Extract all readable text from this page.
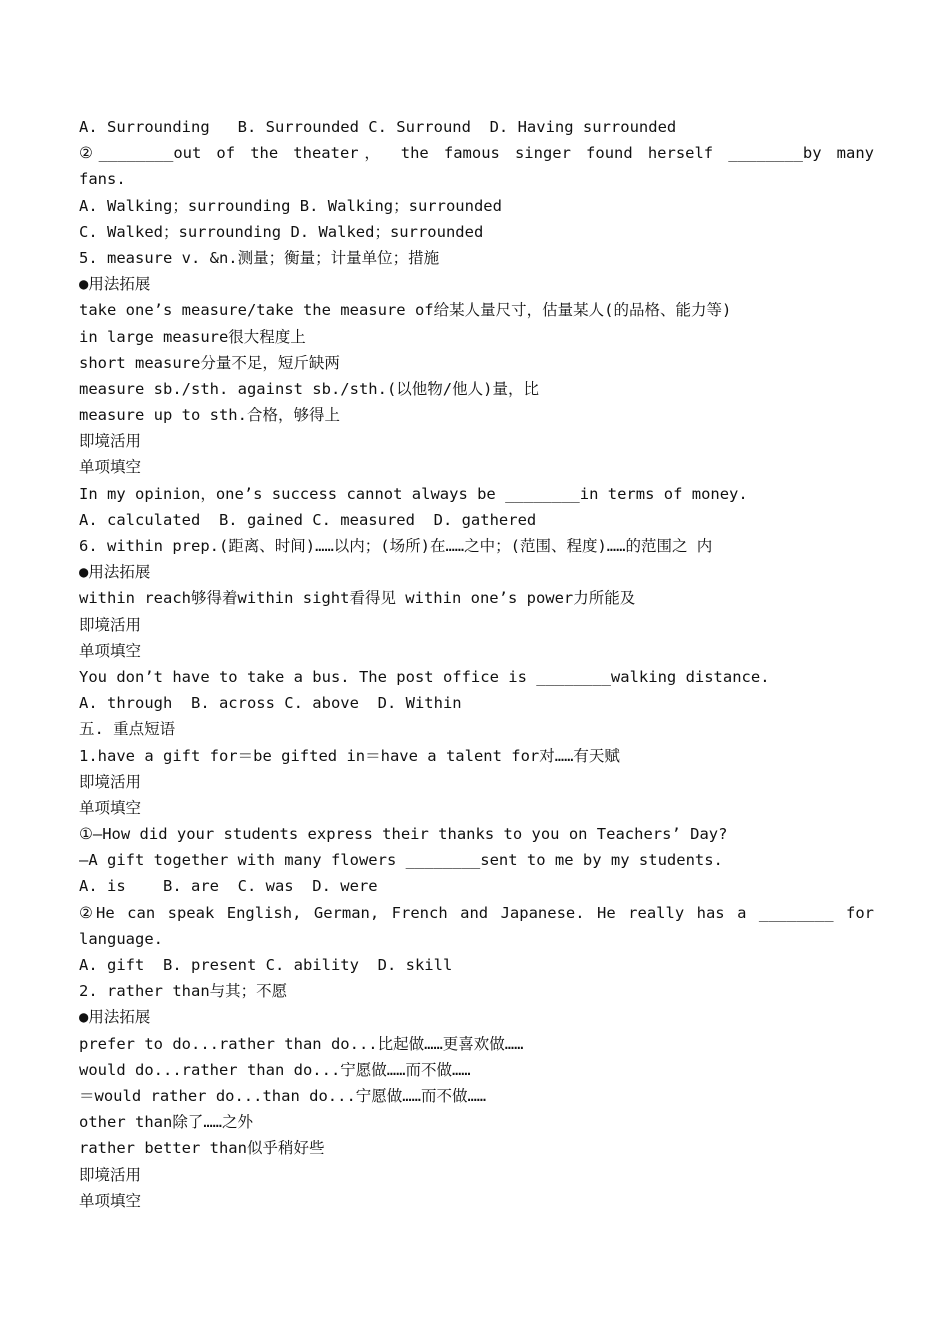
A. Surrounding   B. Surrounded C. Surround  D. Having surrounded
②________out of the theater， the famous singer found herself ________by many
fans.
A. Walking；surrounding B. Walking；surrounded
C. Walked；surrounding D. Walked；surrounded
5. measure v. &n.测量；衡量；计量单位；措施
●用法拓展
take one’s measure/take the measure of给某人量尺寸，估量某人(的品格、能力等)
in large measure很大程度上
short measure分量不足，短斤缺两
measure sb./sth. against sb./sth.(以他物/他人)量，比
measure up to sth.合格，够得上
即境活用
单项填空
In my opinion，one’s success cannot always be ________in terms of money.
A. calculated  B. gained C. measured  D. gathered
6. within prep.(距离、时间)……以内；(场所)在……之中；(范围、程度)……的范围之 内
●用法拓展
within reach够得着within sight看得见 within one’s power力所能及
即境活用
单项填空
You don’t have to take a bus. The post office is ________walking distance.
A. through  B. across C. above  D. Within
五. 重点短语
1.have a gift for＝be gifted in＝have a talent for对……有天赋
即境活用
单项填空
①—How did your students express their thanks to you on Teachers’ Day?
—A gift together with many flowers ________sent to me by my students.
A. is    B. are  C. was  D. were
②He can speak English, German, French and Japanese. He really has a ________ for
language.
A. gift  B. present C. ability  D. skill
2. rather than与其；不愿
●用法拓展
prefer to do...rather than do...比起做……更喜欢做……
would do...rather than do...宁愿做……而不做……
＝would rather do...than do...宁愿做……而不做……
other than除了……之外
rather better than似乎稍好些
即境活用
单项填空
